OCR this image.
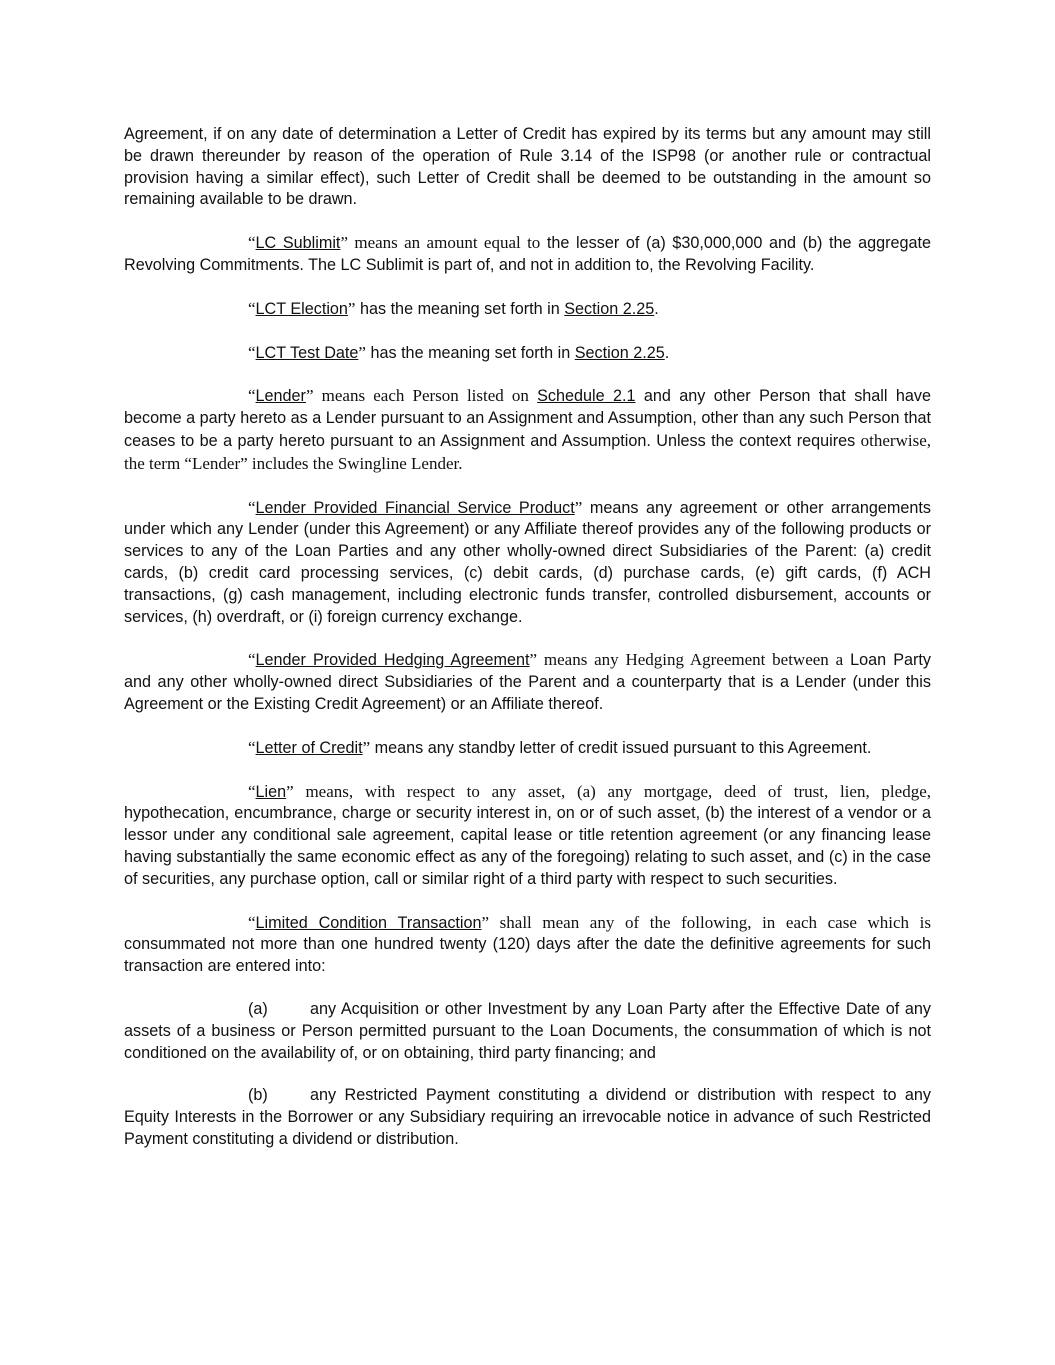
Agreement, if on any date of determination a Letter of Credit has expired by its terms but any amount may still be drawn thereunder by reason of the operation of Rule 3.14 of the ISP98 (or another rule or contractual provision having a similar effect), such Letter of Credit shall be deemed to be outstanding in the amount so remaining available to be drawn.

“LC Sublimit” means an amount equal to the lesser of (a) $30,000,000 and (b) the aggregate Revolving Commitments. The LC Sublimit is part of, and not in addition to, the Revolving Facility.

“LCT Election” has the meaning set forth in Section 2.25.

“LCT Test Date” has the meaning set forth in Section 2.25.

“Lender” means each Person listed on Schedule 2.1 and any other Person that shall have become a party hereto as a Lender pursuant to an Assignment and Assumption, other than any such Person that ceases to be a party hereto pursuant to an Assignment and Assumption. Unless the context requires otherwise, the term “Lender” includes the Swingline Lender.

“Lender Provided Financial Service Product” means any agreement or other arrangements under which any Lender (under this Agreement) or any Affiliate thereof provides any of the following products or services to any of the Loan Parties and any other wholly-owned direct Subsidiaries of the Parent: (a) credit cards, (b) credit card processing services, (c) debit cards, (d) purchase cards, (e) gift cards, (f) ACH transactions, (g) cash management, including electronic funds transfer, controlled disbursement, accounts or services, (h) overdraft, or (i) foreign currency exchange.

“Lender Provided Hedging Agreement” means any Hedging Agreement between a Loan Party and any other wholly-owned direct Subsidiaries of the Parent and a counterparty that is a Lender (under this Agreement or the Existing Credit Agreement) or an Affiliate thereof.

“Letter of Credit” means any standby letter of credit issued pursuant to this Agreement.

“Lien” means, with respect to any asset, (a) any mortgage, deed of trust, lien, pledge, hypothecation, encumbrance, charge or security interest in, on or of such asset, (b) the interest of a vendor or a lessor under any conditional sale agreement, capital lease or title retention agreement (or any financing lease having substantially the same economic effect as any of the foregoing) relating to such asset, and (c) in the case of securities, any purchase option, call or similar right of a third party with respect to such securities.

“Limited Condition Transaction” shall mean any of the following, in each case which is consummated not more than one hundred twenty (120) days after the date the definitive agreements for such transaction are entered into:

(a)	any Acquisition or other Investment by any Loan Party after the Effective Date of any assets of a business or Person permitted pursuant to the Loan Documents, the consummation of which is not conditioned on the availability of, or on obtaining, third party financing; and

(b)	any Restricted Payment constituting a dividend or distribution with respect to any Equity Interests in the Borrower or any Subsidiary requiring an irrevocable notice in advance of such Restricted Payment constituting a dividend or distribution.
